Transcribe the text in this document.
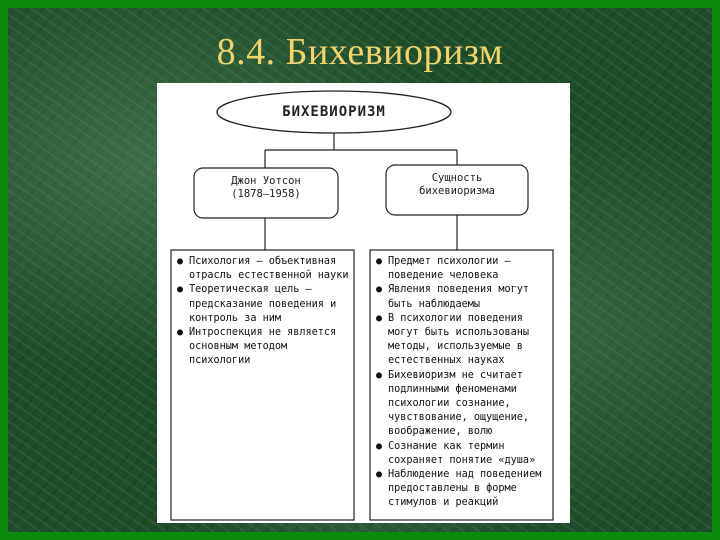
8.4. Бихевиоризм
БИХЕВИОРИЗМ
Джон Уотсон
(1878–1958)
Сущность
бихевиоризма
● Психология – объективная отрасль естественной науки
● Теоретическая цель – предсказание поведения и контроль за ним
● Интроспекция не является основным методом психологии
● Предмет психологии – поведение человека
● Явления поведения могут быть наблюдаемы
● В психологии поведения могут быть использованы методы, используемые в естественных науках
● Бихевиоризм не считает подлинными феноменами психологии сознание, чувствование, ощущение, воображение, волю
● Сознание как термин сохраняет понятие «душа»
● Наблюдение над поведением предоставлены в форме стимулов и реакций
